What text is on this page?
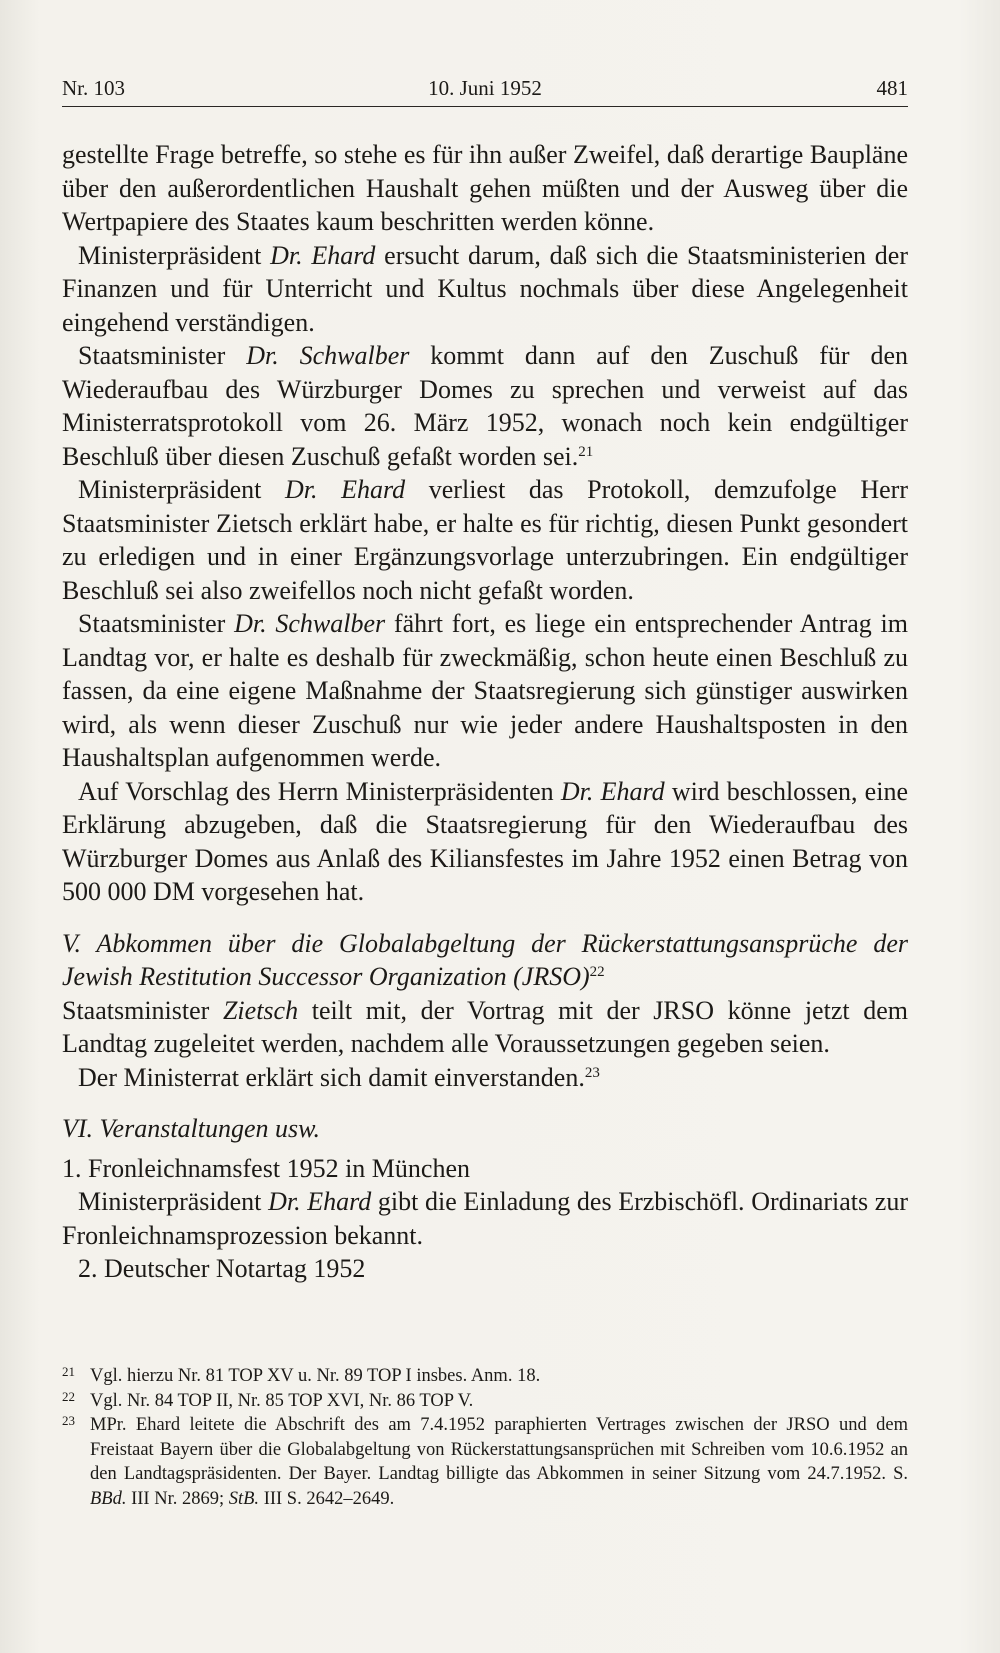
Nr. 103	10. Juni 1952	481

gestellte Frage betreffe, so stehe es für ihn außer Zweifel, daß derartige Baupläne über den außerordentlichen Haushalt gehen müßten und der Ausweg über die Wertpapiere des Staates kaum beschritten werden könne.

Ministerpräsident Dr. Ehard ersucht darum, daß sich die Staatsministerien der Finanzen und für Unterricht und Kultus nochmals über diese Angelegenheit eingehend verständigen.

Staatsminister Dr. Schwalber kommt dann auf den Zuschuß für den Wiederaufbau des Würzburger Domes zu sprechen und verweist auf das Ministerratsprotokoll vom 26. März 1952, wonach noch kein endgültiger Beschluß über diesen Zuschuß gefaßt worden sei.$^{21}$

Ministerpräsident Dr. Ehard verliest das Protokoll, demzufolge Herr Staatsminister Zietsch erklärt habe, er halte es für richtig, diesen Punkt gesondert zu erledigen und in einer Ergänzungsvorlage unterzubringen. Ein endgültiger Beschluß sei also zweifellos noch nicht gefaßt worden.

Staatsminister Dr. Schwalber fährt fort, es liege ein entsprechender Antrag im Landtag vor, er halte es deshalb für zweckmäßig, schon heute einen Beschluß zu fassen, da eine eigene Maßnahme der Staatsregierung sich günstiger auswirken wird, als wenn dieser Zuschuß nur wie jeder andere Haushaltsposten in den Haushaltsplan aufgenommen werde.

Auf Vorschlag des Herrn Ministerpräsidenten Dr. Ehard wird beschlossen, eine Erklärung abzugeben, daß die Staatsregierung für den Wiederaufbau des Würzburger Domes aus Anlaß des Kiliansfestes im Jahre 1952 einen Betrag von 500 000 DM vorgesehen hat.

V. Abkommen über die Globalabgeltung der Rückerstattungsansprüche der Jewish Restitution Successor Organization (JRSO)$^{22}$

Staatsminister Zietsch teilt mit, der Vortrag mit der JRSO könne jetzt dem Landtag zugeleitet werden, nachdem alle Voraussetzungen gegeben seien.

Der Ministerrat erklärt sich damit einverstanden.$^{23}$

VI. Veranstaltungen usw.

1. Fronleichnamsfest 1952 in München

Ministerpräsident Dr. Ehard gibt die Einladung des Erzbischöfl. Ordinariats zur Fronleichnamsprozession bekannt.

2. Deutscher Notartag 1952

21 Vgl. hierzu Nr. 81 TOP XV u. Nr. 89 TOP I insbes. Anm. 18.

22 Vgl. Nr. 84 TOP II, Nr. 85 TOP XVI, Nr. 86 TOP V.

23 MPr. Ehard leitete die Abschrift des am 7.4.1952 paraphierten Vertrages zwischen der JRSO und dem Freistaat Bayern über die Globalabgeltung von Rückerstattungsansprüchen mit Schreiben vom 10.6.1952 an den Landtagspräsidenten. Der Bayer. Landtag billigte das Abkommen in seiner Sitzung vom 24.7.1952. S. BBd. III Nr. 2869; StB. III S. 2642–2649.
